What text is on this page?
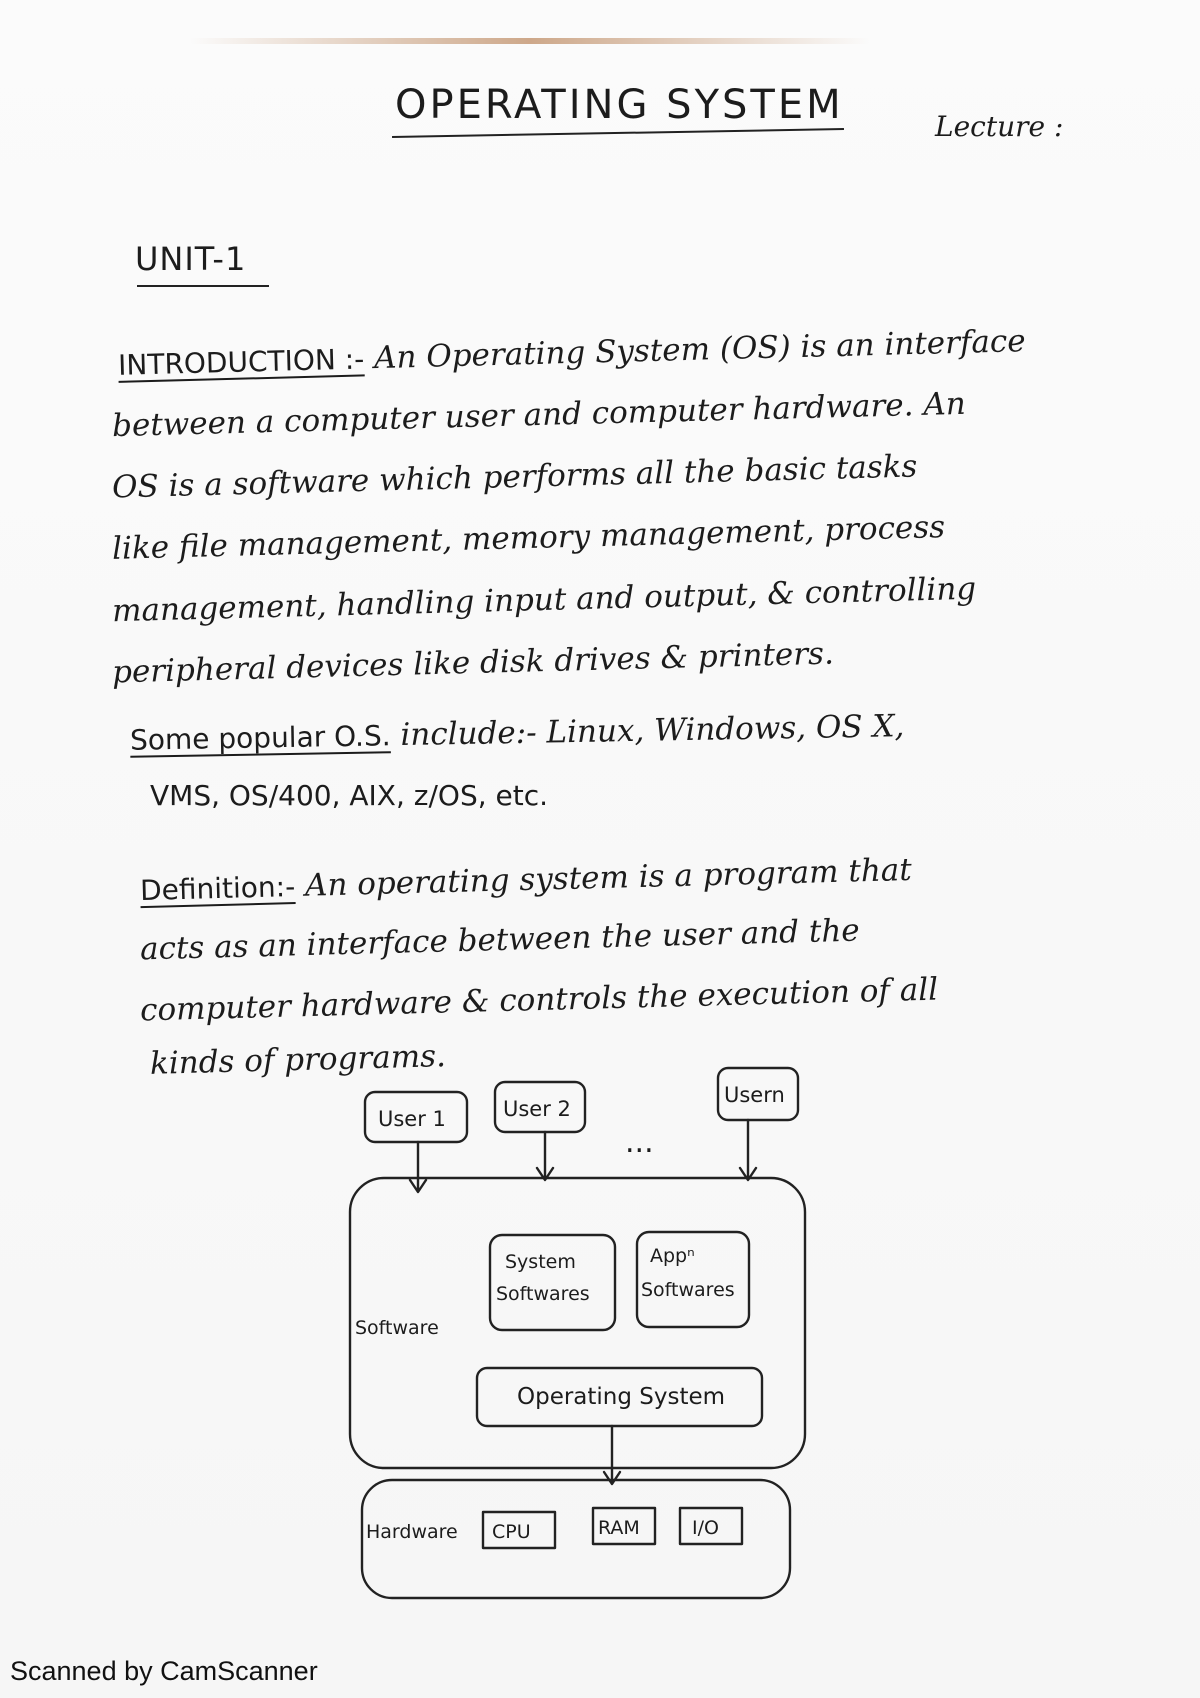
OPERATING SYSTEM	Lecture :
UNIT-1
INTRODUCTION :- An Operating System (OS) is an interface
between a computer user and computer hardware. An
OS is a software which performs all the basic tasks
like file management, memory management, process
management, handling input and output, & controlling
peripheral devices like disk drives & printers.
Some popular O.S. include:- Linux, Windows, OS X,
VMS, OS/400, AIX, z/OS, etc.
Definition:- An operating system is a program that
acts as an interface between the user and the
computer hardware & controls the execution of all
kinds of programs.
User 1	User 2
Usern
...
System
Softwares
Appⁿ
Softwares
Software
Operating System
Hardware CPU	RAM	I/O
Scanned by CamScanner
